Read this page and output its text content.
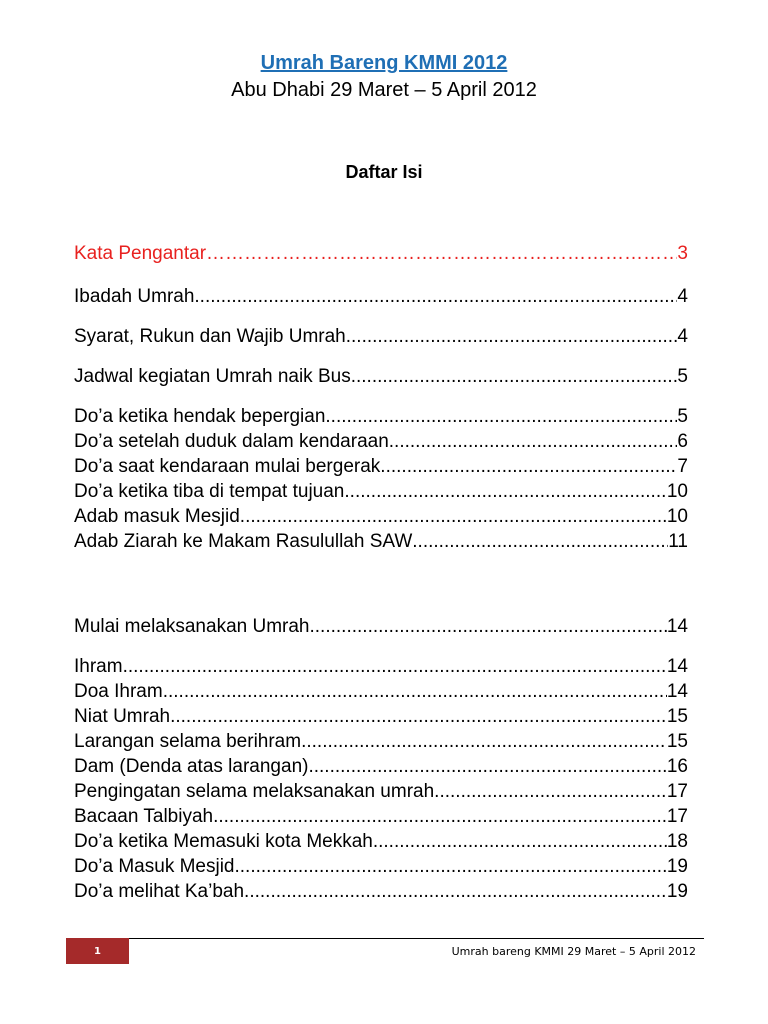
Umrah Bareng KMMI 2012
Abu Dhabi 29 Maret – 5 April 2012
Daftar Isi
Kata Pengantar ………………………………………………………………………………………………………………	3
Ibadah Umrah .....	4
Syarat, Rukun dan Wajib Umrah .....	4
Jadwal kegiatan Umrah naik Bus .....	5
Do’a ketika hendak bepergian .....	5
Do’a setelah duduk dalam kendaraan .....	6
Do’a saat kendaraan mulai bergerak .....	7
Do’a ketika tiba di tempat tujuan .....	10
Adab masuk Mesjid .....	10
Adab Ziarah ke Makam Rasulullah SAW .....	11
Mulai melaksanakan Umrah .....	14
Ihram .....	14
Doa Ihram .....	14
Niat Umrah .....	15
Larangan selama berihram .....	15
Dam (Denda atas larangan) .....	16
Pengingatan selama melaksanakan umrah .....	17
Bacaan Talbiyah .....	17
Do’a ketika Memasuki kota Mekkah .....	18
Do’a Masuk Mesjid .....	19
Do’a melihat Ka’bah .....	19
1	Umrah bareng KMMI 29 Maret – 5 April 2012
